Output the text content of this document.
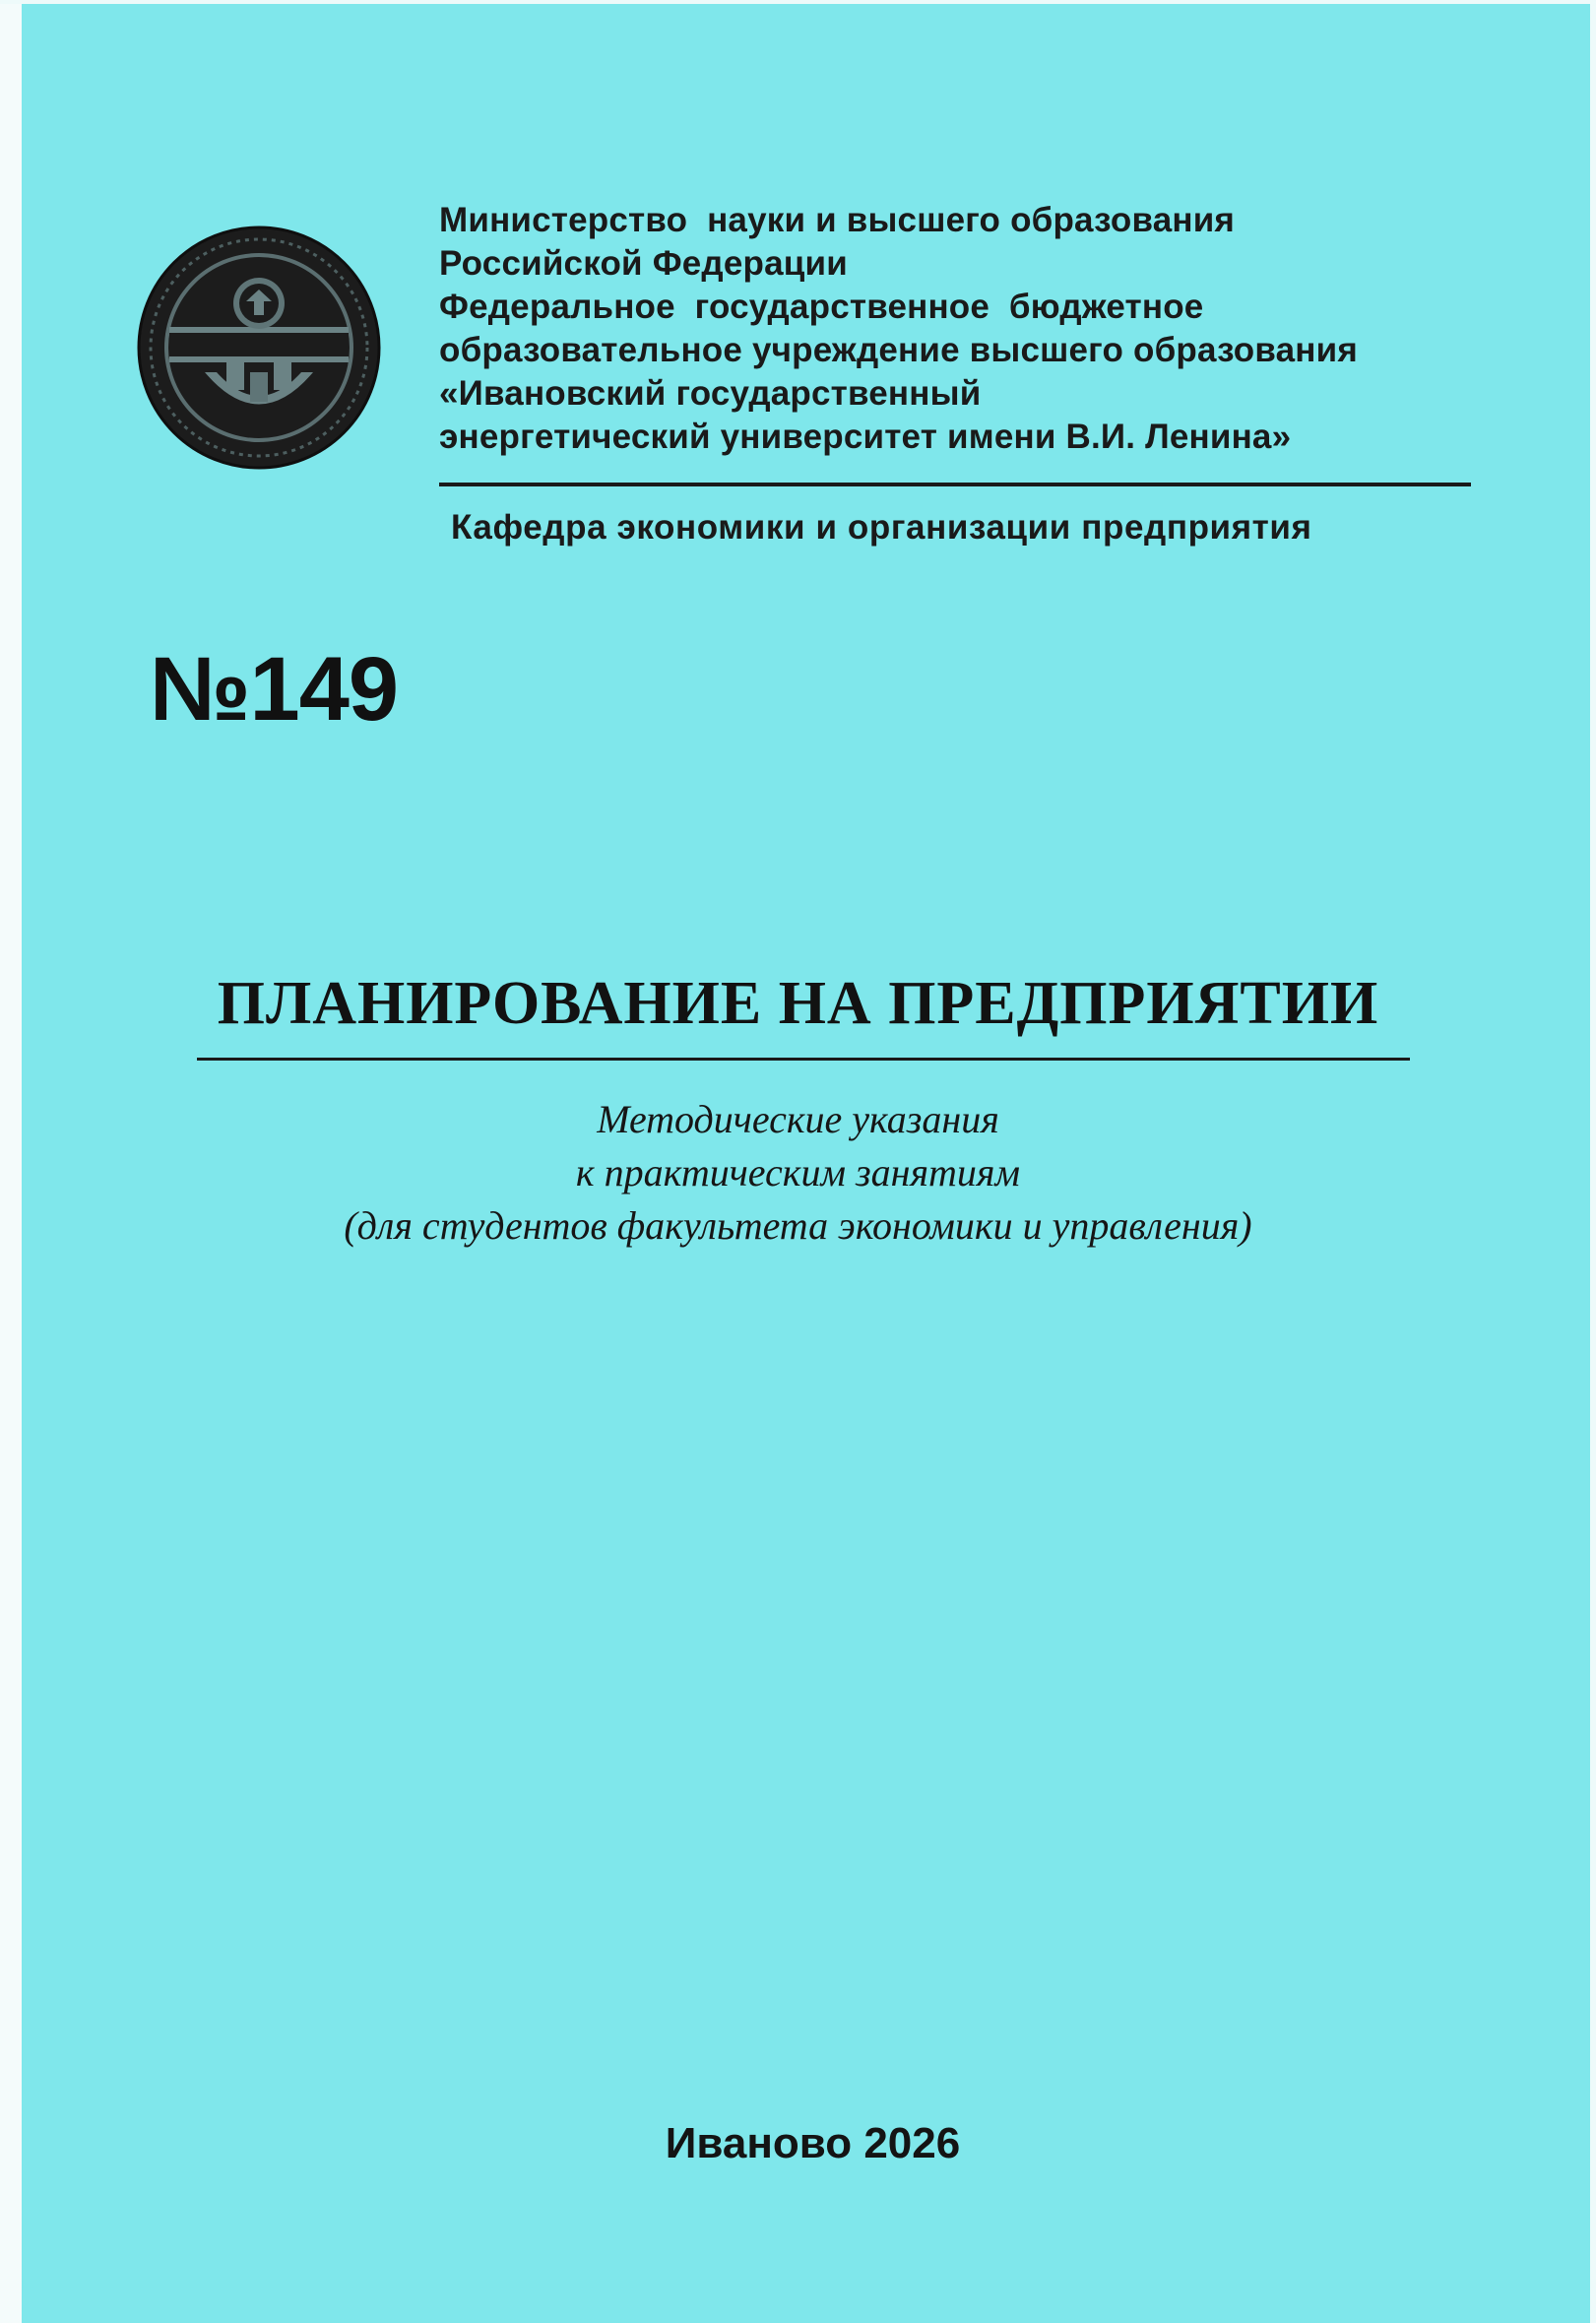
Министерство  науки и высшего образования
Российской Федерации
Федеральное  государственное  бюджетное
образовательное учреждение высшего образования
«Ивановский государственный
энергетический университет имени В.И. Ленина»
Кафедра экономики и организации предприятия
№149
ПЛАНИРОВАНИЕ НА ПРЕДПРИЯТИИ
Методические указания
к практическим занятиям
(для студентов факультета экономики и управления)
Иваново 2026
